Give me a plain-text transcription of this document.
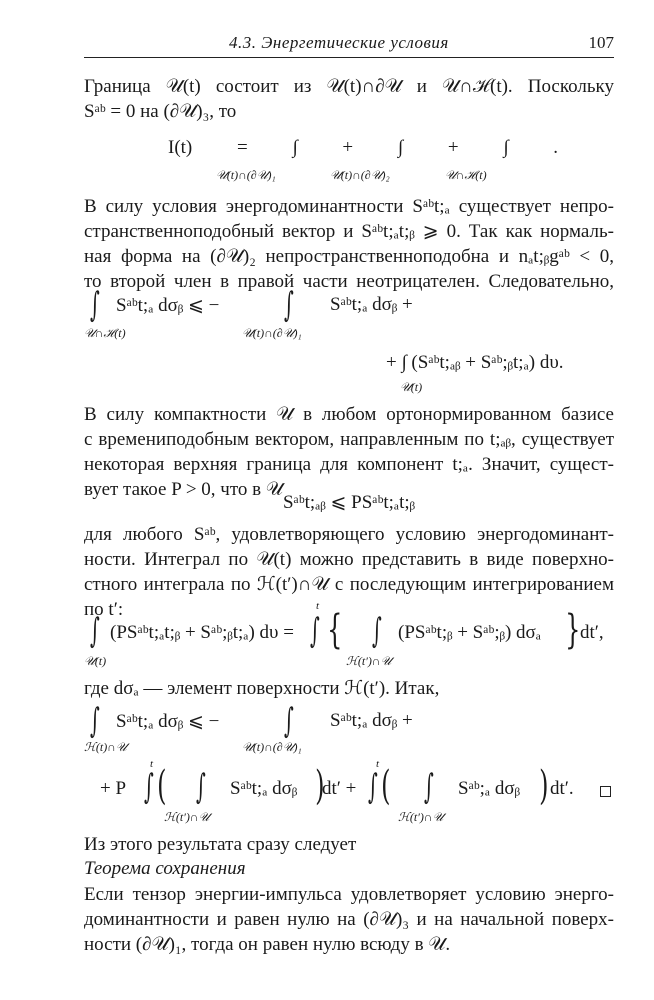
4.3. Энергетические условия	107
Граница 𝒰(t) состоит из 𝒰(t)∩∂𝒰 и 𝒰∩ℋ(t). Поскольку
Sᵃᵇ = 0 на (∂𝒰)₃, то
I(t) = ∫ + ∫ + ∫ .
𝒰(t)∩(∂𝒰)₁	𝒰(t)∩(∂𝒰)₂	𝒰∩ℋ(t)
В силу условия энергодоминантности Sᵃᵇt;ₐ существует непро-
странственноподобный вектор и Sᵃᵇt;ₐt;ᵦ ⩾ 0. Так как нормаль-
ная форма на (∂𝒰)₂ непространственноподобна и nₐt;ᵦgᵃᵇ < 0,
то второй член в правой части неотрицателен. Следовательно,
∫ Sᵃᵇt;ₐ dσᵦ ⩽ − ∫ Sᵃᵇt;ₐ dσᵦ +
𝒰∩ℋ(t)	𝒰(t)∩(∂𝒰)₁
+ ∫ (Sᵃᵇt;ₐᵦ + Sᵃᵇ;ᵦt;ₐ) dυ.
𝒰(t)
В силу компактности 𝒰 в любом ортонормированном базисе
с времениподобным вектором, направленным по t;ₐᵦ, существует
некоторая верхняя граница для компонент t;ₐ. Значит, сущест-
вует такое P > 0, что в 𝒰
Sᵃᵇt;ₐᵦ ⩽ PSᵃᵇt;ₐt;ᵦ
для любого Sᵃᵇ, удовлетворяющего условию энергодоминант-
ности. Интеграл по 𝒰(t) можно представить в виде поверхно-
стного интеграла по ℋ(t′)∩𝒰 с последующим интегрированием
по t′:
∫ (PSᵃᵇt;ₐt;ᵦ + Sᵃᵇ;ᵦt;ₐ) dυ = ∫
t
{ ∫ (PSᵃᵇt;ᵦ + Sᵃᵇ;ᵦ) dσₐ } dt′,
𝒰(t)	ℋ(t′)∩𝒰
где dσₐ — элемент поверхности ℋ(t′). Итак,
∫ Sᵃᵇt;ₐ dσᵦ ⩽ − ∫ Sᵃᵇt;ₐ dσᵦ +
ℋ(t)∩𝒰	𝒰(t)∩(∂𝒰)₁
+ P ∫
t ( ∫ Sᵃᵇt;ₐ dσᵦ )
dt′ + ∫
t ( ∫ Sᵃᵇ;ₐ dσᵦ ) dt′.
ℋ(t′)∩𝒰	ℋ(t′)∩𝒰
Из этого результата сразу следует
Теорема сохранения
Если тензор энергии-импульса удовлетворяет условию энерго-
доминантности и равен нулю на (∂𝒰)₃ и на начальной поверх-
ности (∂𝒰)₁, тогда он равен нулю всюду в 𝒰.
